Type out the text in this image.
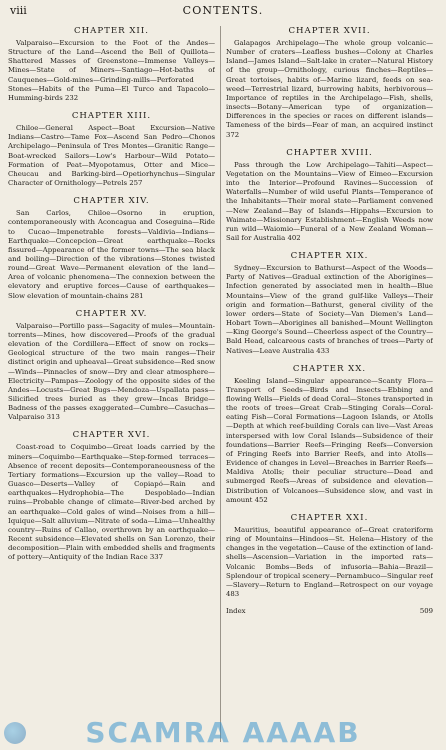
viii	CONTENTS.
CHAPTER XII.
Valparaiso—Excursion to the Foot of the Andes—Structure of the Land—Ascend the Bell of Quillota—Shattered Masses of Greenstone—Immense Valleys—Mines—State of Miners—Santiago—Hot-baths of Cauquenes—Gold-mines—Grinding-mills—Perforated Stones—Habits of the Puma—El Turco and Tapacolo—Humming-birds 232
CHAPTER XIII.
Chiloe—General Aspect—Boat Excursion—Native Indians—Castro—Tame Fox—Ascend San Pedro—Chonos Archipelago—Peninsula of Tres Montes—Granitic Range—Boat-wrecked Sailors—Low's Harbour—Wild Potato—Formation of Peat—Myopotamus, Otter and Mice—Cheucau and Barking-bird—Opetiorhynchus—Singular Character of Ornithology—Petrels 257
CHAPTER XIV.
San Carlos, Chiloe—Osorno in eruption, contemporaneously with Aconcagua and Coseguina—Ride to Cucao—Impenetrable forests—Valdivia—Indians—Earthquake—Concepcion—Great earthquake—Rocks fissured—Appearance of the former towns—The sea black and boiling—Direction of the vibrations—Stones twisted round—Great Wave—Permanent elevation of the land—Area of volcanic phenomena—The connexion between the elevatory and eruptive forces—Cause of earthquakes—Slow elevation of mountain-chains 281
CHAPTER XV.
Valparaiso—Portillo pass—Sagacity of mules—Mountain-torrents—Mines, how discovered—Proofs of the gradual elevation of the Cordillera—Effect of snow on rocks—Geological structure of the two main ranges—Their distinct origin and upheaval—Great subsidence—Red snow—Winds—Pinnacles of snow—Dry and clear atmosphere—Electricity—Pampas—Zoology of the opposite sides of the Andes—Locusts—Great Bugs—Mendoza—Uspallata pass—Silicified trees buried as they grew—Incas Bridge—Badness of the passes exaggerated—Cumbre—Casuchas—Valparaiso 313
CHAPTER XVI.
Coast-road to Coquimbo—Great loads carried by the miners—Coquimbo—Earthquake—Step-formed terraces—Absence of recent deposits—Contemporaneousness of the Tertiary formations—Excursion up the valley—Road to Guasco—Deserts—Valley of Copiapó—Rain and earthquakes—Hydrophobia—The Despoblado—Indian ruins—Probable change of climate—River-bed arched by an earthquake—Cold gales of wind—Noises from a hill—Iquique—Salt alluvium—Nitrate of soda—Lima—Unhealthy country—Ruins of Callao, overthrown by an earthquake—Recent subsidence—Elevated shells on San Lorenzo, their decomposition—Plain with embedded shells and fragments of pottery—Antiquity of the Indian Race 337
CHAPTER XVII.
Galapagos Archipelago—The whole group volcanic—Number of craters—Leafless bushes—Colony at Charles Island—James Island—Salt-lake in crater—Natural History of the group—Ornithology, curious finches—Reptiles—Great tortoises, habits of—Marine lizard, feeds on sea-weed—Terrestrial lizard, burrowing habits, herbivorous—Importance of reptiles in the Archipelago—Fish, shells, insects—Botany—American type of organization—Differences in the species or races on different islands—Tameness of the birds—Fear of man, an acquired instinct 372
CHAPTER XVIII.
Pass through the Low Archipelago—Tahiti—Aspect—Vegetation on the Mountains—View of Eimeo—Excursion into the Interior—Profound Ravines—Succession of Waterfalls—Number of wild useful Plants—Temperance of the Inhabitants—Their moral state—Parliament convened—New Zealand—Bay of Islands—Hippahs—Excursion to Waimate—Missionary Establishment—English Weeds now run wild—Waiomio—Funeral of a New Zealand Woman—Sail for Australia 402
CHAPTER XIX.
Sydney—Excursion to Bathurst—Aspect of the Woods—Party of Natives—Gradual extinction of the Aborigines—Infection generated by associated men in health—Blue Mountains—View of the grand gulf-like Valleys—Their origin and formation—Bathurst, general civility of the lower orders—State of Society—Van Diemen's Land—Hobart Town—Aborigines all banished—Mount Wellington—King George's Sound—Cheerless aspect of the Country—Bald Head, calcareous casts of branches of trees—Party of Natives—Leave Australia 433
CHAPTER XX.
Keeling Island—Singular appearance—Scanty Flora—Transport of Seeds—Birds and Insects—Ebbing and flowing Wells—Fields of dead Coral—Stones transported in the roots of trees—Great Crab—Stinging Corals—Coral-eating Fish—Coral Formations—Lagoon Islands, or Atolls—Depth at which reef-building Corals can live—Vast Areas interspersed with low Coral Islands—Subsidence of their foundations—Barrier Reefs—Fringing Reefs—Conversion of Fringing Reefs into Barrier Reefs, and into Atolls—Evidence of changes in Level—Breaches in Barrier Reefs—Maldiva Atolls; their peculiar structure—Dead and submerged Reefs—Areas of subsidence and elevation—Distribution of Volcanoes—Subsidence slow, and vast in amount 452
CHAPTER XXI.
Mauritius, beautiful appearance of—Great crateriform ring of Mountains—Hindoos—St. Helena—History of the changes in the vegetation—Cause of the extinction of land-shells—Ascension—Variation in the imported rats—Volcanic Bombs—Beds of infusoria—Bahia—Brazil—Splendour of tropical scenery—Pernambuco—Singular reef—Slavery—Return to England—Retrospect on our voyage 483
Index	509
SCAMRA AAAAB
